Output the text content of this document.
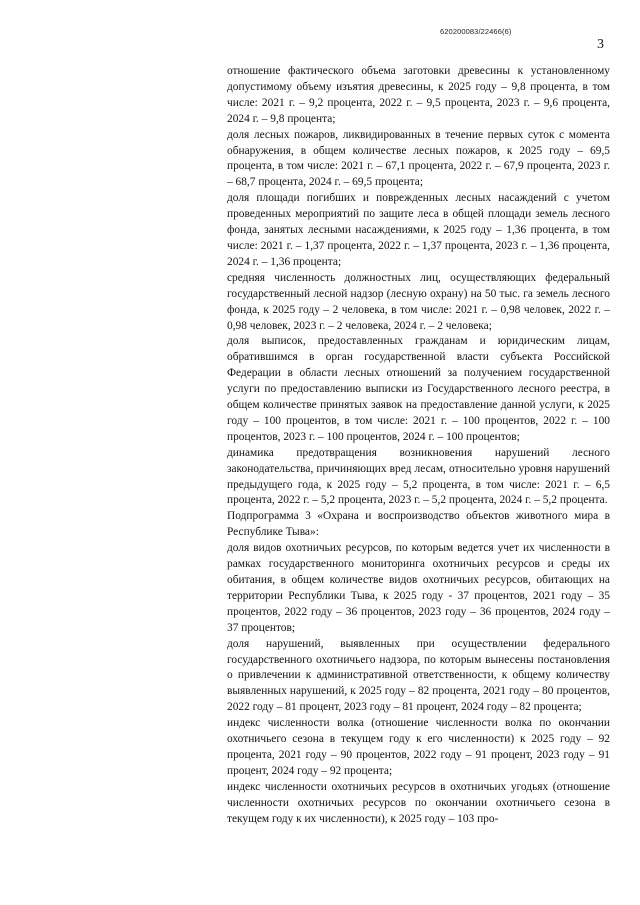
620200083/22466(6)
3

отношение фактического объема заготовки древесины к установленному допустимому объему изъятия древесины, к 2025 году – 9,8 процента, в том числе: 2021 г. – 9,2 процента, 2022 г. – 9,5 процента, 2023 г. – 9,6 процента, 2024 г. – 9,8 процента;

доля лесных пожаров, ликвидированных в течение первых суток с момента обнаружения, в общем количестве лесных пожаров, к 2025 году – 69,5 процента, в том числе: 2021 г. – 67,1 процента, 2022 г. – 67,9 процента, 2023 г. – 68,7 процента, 2024 г. – 69,5 процента;

доля площади погибших и поврежденных лесных насаждений с учетом проведенных мероприятий по защите леса в общей площади земель лесного фонда, занятых лесными насаждениями, к 2025 году – 1,36 процента, в том числе: 2021 г. – 1,37 процента, 2022 г. – 1,37 процента, 2023 г. – 1,36 процента, 2024 г. – 1,36 процента;

средняя численность должностных лиц, осуществляющих федеральный государственный лесной надзор (лесную охрану) на 50 тыс. га земель лесного фонда, к 2025 году – 2 человека, в том числе: 2021 г. – 0,98 человек, 2022 г. – 0,98 человек, 2023 г. – 2 человека, 2024 г. – 2 человека;

доля выписок, предоставленных гражданам и юридическим лицам, обратившимся в орган государственной власти субъекта Российской Федерации в области лесных отношений за получением государственной услуги по предоставлению выписки из Государственного лесного реестра, в общем количестве принятых заявок на предоставление данной услуги, к 2025 году – 100 процентов, в том числе: 2021 г. – 100 процентов, 2022 г. – 100 процентов, 2023 г. – 100 процентов, 2024 г. – 100 процентов;

динамика предотвращения возникновения нарушений лесного законодательства, причиняющих вред лесам, относительно уровня нарушений предыдущего года, к 2025 году – 5,2 процента, в том числе: 2021 г. – 6,5 процента, 2022 г. – 5,2 процента, 2023 г. – 5,2 процента, 2024 г. – 5,2 процента.

Подпрограмма 3 «Охрана и воспроизводство объектов животного мира в Республике Тыва»:

доля видов охотничьих ресурсов, по которым ведется учет их численности в рамках государственного мониторинга охотничьих ресурсов и среды их обитания, в общем количестве видов охотничьих ресурсов, обитающих на территории Республики Тыва, к 2025 году - 37 процентов, 2021 году – 35 процентов, 2022 году – 36 процентов, 2023 году – 36 процентов, 2024 году – 37 процентов;

доля нарушений, выявленных при осуществлении федерального государственного охотничьего надзора, по которым вынесены постановления о привлечении к административной ответственности, к общему количеству выявленных нарушений, к 2025 году – 82 процента, 2021 году – 80 процентов, 2022 году – 81 процент, 2023 году – 81 процент, 2024 году – 82 процента;

индекс численности волка (отношение численности волка по окончании охотничьего сезона в текущем году к его численности) к 2025 году – 92 процента, 2021 году – 90 процентов, 2022 году – 91 процент, 2023 году – 91 процент, 2024 году – 92 процента;

индекс численности охотничьих ресурсов в охотничьих угодьях (отношение численности охотничьих ресурсов по окончании охотничьего сезона в текущем году к их численности), к 2025 году – 103 про-
